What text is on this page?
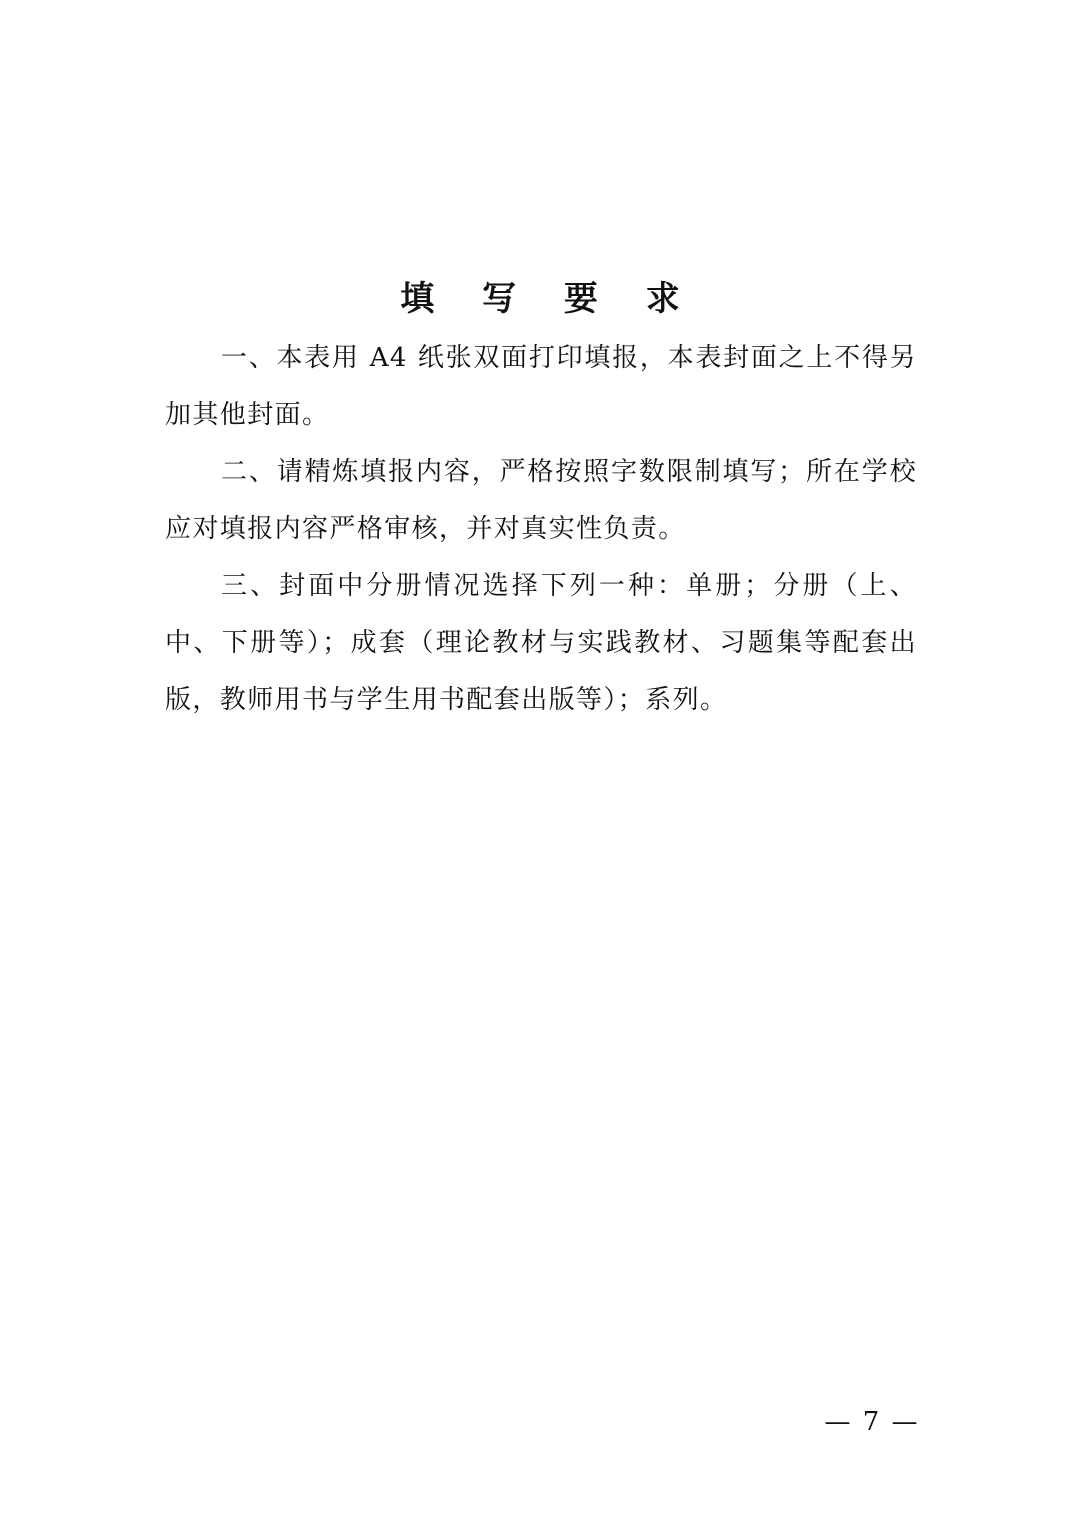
填 写 要 求

一、本表用 A4 纸张双面打印填报，本表封面之上不得另加其他封面。

二、请精炼填报内容，严格按照字数限制填写；所在学校应对填报内容严格审核，并对真实性负责。

三、封面中分册情况选择下列一种：单册；分册（上、中、下册等）；成套（理论教材与实践教材、习题集等配套出版，教师用书与学生用书配套出版等）；系列。

— 7 —
